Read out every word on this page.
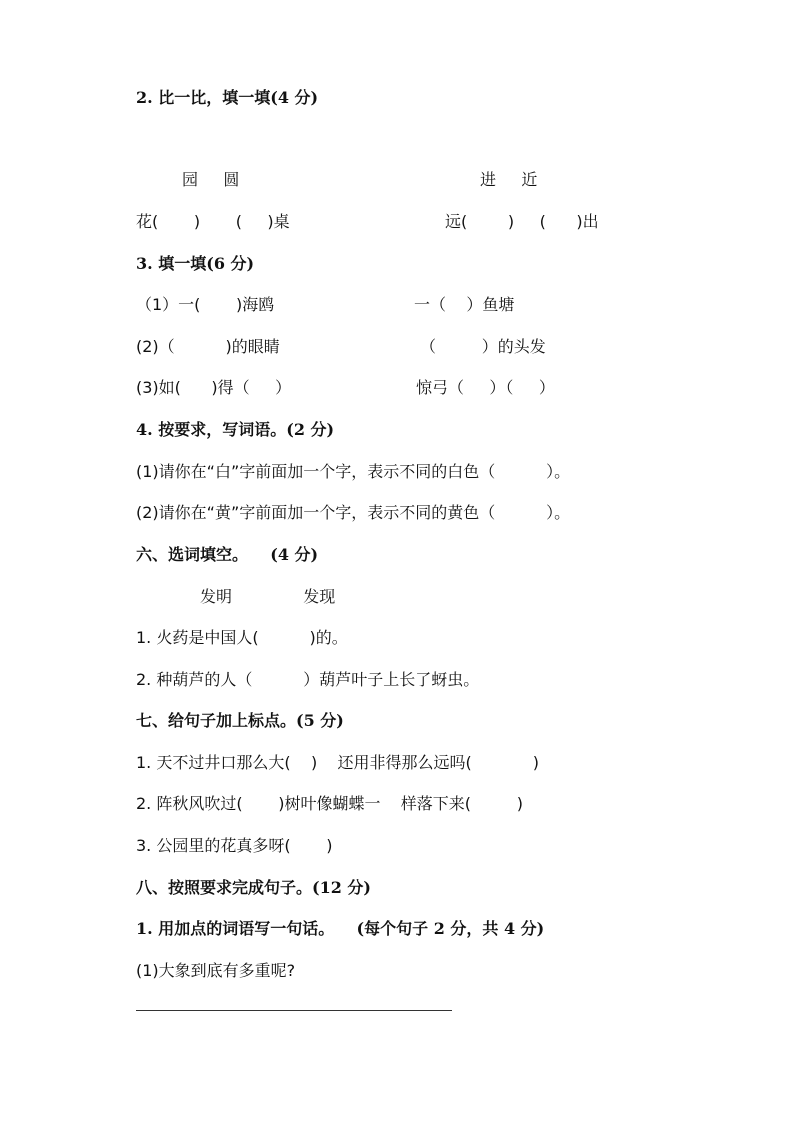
2. 比一比，填一填(4 分)
园     圆	进     近
花(       )       (     )桌	远(        )     (      )出
3. 填一填(6 分)
（1）一(       )海鸥	一（    ）鱼塘
(2)（          )的眼睛	（         ）的头发
(3)如(      )得（     ）	惊弓（     ）（     ）
4. 按要求，写词语。(2 分)
(1)请你在“白”字前面加一个字，表示不同的白色（          ）。
(2)请你在“黄”字前面加一个字，表示不同的黄色（          ）。
六、选词填空。    (4 分)
发明              发现
1. 火药是中国人(          )的。
2. 种葫芦的人（          ）葫芦叶子上长了蚜虫。
七、给句子加上标点。(5 分)
1. 天不过井口那么大(    )    还用非得那么远吗(            )
2. 阵秋风吹过(       )树叶像蝴蝶一    样落下来(         )
3. 公园里的花真多呀(       )
八、按照要求完成句子。(12 分)
1. 用加点的词语写一句话。    (每个句子 2 分，共 4 分)
(1)大象到底有多重呢?
